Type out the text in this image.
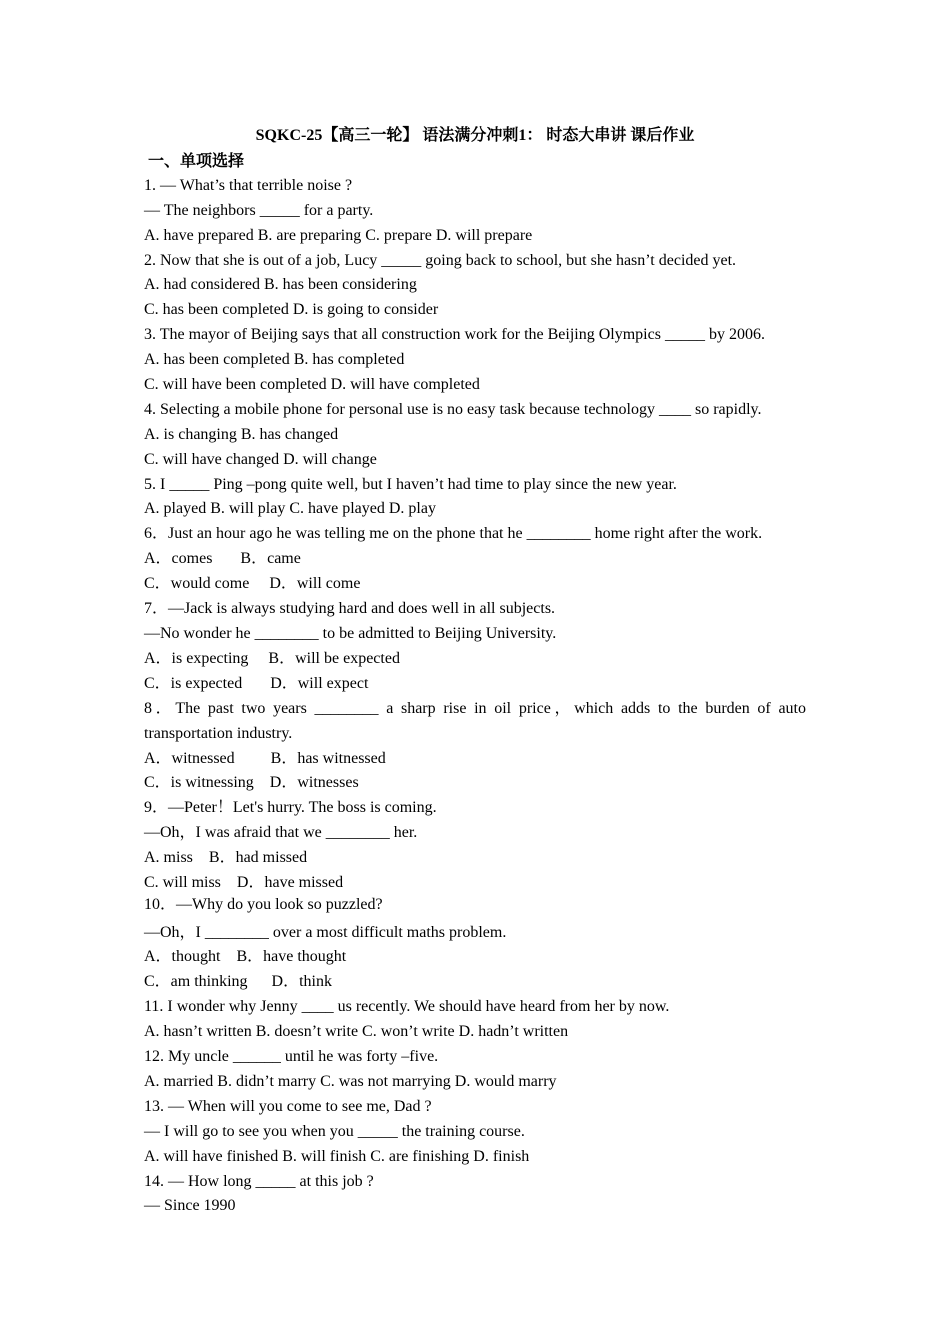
SQKC-25【高三一轮】 语法满分冲刺1： 时态大串讲 课后作业
一、单项选择
1. — What’s that terrible noise ?
— The neighbors _____ for a party.
A. have prepared B. are preparing C. prepare D. will prepare
2. Now that she is out of a job, Lucy _____ going back to school, but she hasn’t decided yet.
A. had considered B. has been considering
C. has been completed D. is going to consider
3. The mayor of Beijing says that all construction work for the Beijing Olympics _____ by 2006.
A. has been completed B. has completed
C. will have been completed D. will have completed
4. Selecting a mobile phone for personal use is no easy task because technology ____ so rapidly.
A. is changing B. has changed
C. will have changed D. will change
5. I _____ Ping –pong quite well, but I haven’t had time to play since the new year.
A. played B. will play C. have played D. play
6．Just an hour ago he was telling me on the phone that he ________ home right after the work.
A．comes       B．came
C．would come     D．will come
7．—Jack is always studying hard and does well in all subjects.
—No wonder he ________ to be admitted to Beijing University.
A．is expecting     B．will be expected
C．is expected       D．will expect
8．The past two years ________ a sharp rise in oil price，which adds to the burden of auto
transportation industry.
A．witnessed         B．has witnessed
C．is witnessing    D．witnesses
9．—Peter！Let's hurry. The boss is coming.
—Oh，I was afraid that we ________ her.
A. miss    B．had missed
C. will miss    D．have missed
10．—Why do you look so puzzled?
—Oh，I ________ over a most difficult maths problem.
A．thought    B．have thought
C．am thinking      D．think
11. I wonder why Jenny ____ us recently. We should have heard from her by now.
A. hasn’t written B. doesn’t write C. won’t write D. hadn’t written
12. My uncle ______ until he was forty –five.
A. married B. didn’t marry C. was not marrying D. would marry
13. — When will you come to see me, Dad ?
— I will go to see you when you _____ the training course.
A. will have finished B. will finish C. are finishing D. finish
14. — How long _____ at this job ?
— Since 1990
